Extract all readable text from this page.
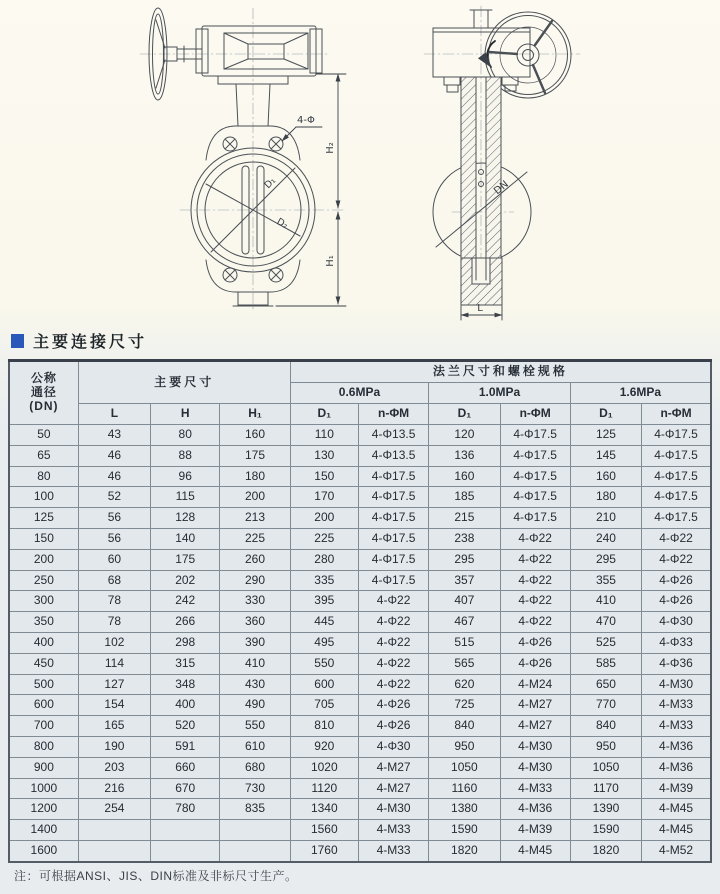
4-Φ
H₂
H₁
D₁
D₂
DN
L
主要连接尺寸
公称
通径
(DN)	主要尺寸			法兰尺寸和螺栓规格					
				0.6MPa		1.0MPa		1.6MPa	
	L	H	H₁	D₁	n-ΦM	D₁	n-ΦM	D₁	n-ΦM
50	43	80	160	110	4-Φ13.5	120	4-Φ17.5	125	4-Φ17.5
65	46	88	175	130	4-Φ13.5	136	4-Φ17.5	145	4-Φ17.5
80	46	96	180	150	4-Φ17.5	160	4-Φ17.5	160	4-Φ17.5
100	52	115	200	170	4-Φ17.5	185	4-Φ17.5	180	4-Φ17.5
125	56	128	213	200	4-Φ17.5	215	4-Φ17.5	210	4-Φ17.5
150	56	140	225	225	4-Φ17.5	238	4-Φ22	240	4-Φ22
200	60	175	260	280	4-Φ17.5	295	4-Φ22	295	4-Φ22
250	68	202	290	335	4-Φ17.5	357	4-Φ22	355	4-Φ26
300	78	242	330	395	4-Φ22	407	4-Φ22	410	4-Φ26
350	78	266	360	445	4-Φ22	467	4-Φ22	470	4-Φ30
400	102	298	390	495	4-Φ22	515	4-Φ26	525	4-Φ33
450	114	315	410	550	4-Φ22	565	4-Φ26	585	4-Φ36
500	127	348	430	600	4-Φ22	620	4-M24	650	4-M30
600	154	400	490	705	4-Φ26	725	4-M27	770	4-M33
700	165	520	550	810	4-Φ26	840	4-M27	840	4-M33
800	190	591	610	920	4-Φ30	950	4-M30	950	4-M36
900	203	660	680	1020	4-M27	1050	4-M30	1050	4-M36
1000	216	670	730	1120	4-M27	1160	4-M33	1170	4-M39
1200	254	780	835	1340	4-M30	1380	4-M36	1390	4-M45
1400				1560	4-M33	1590	4-M39	1590	4-M45
1600				1760	4-M33	1820	4-M45	1820	4-M52
注：可根据ANSI、JIS、DIN标准及非标尺寸生产。
